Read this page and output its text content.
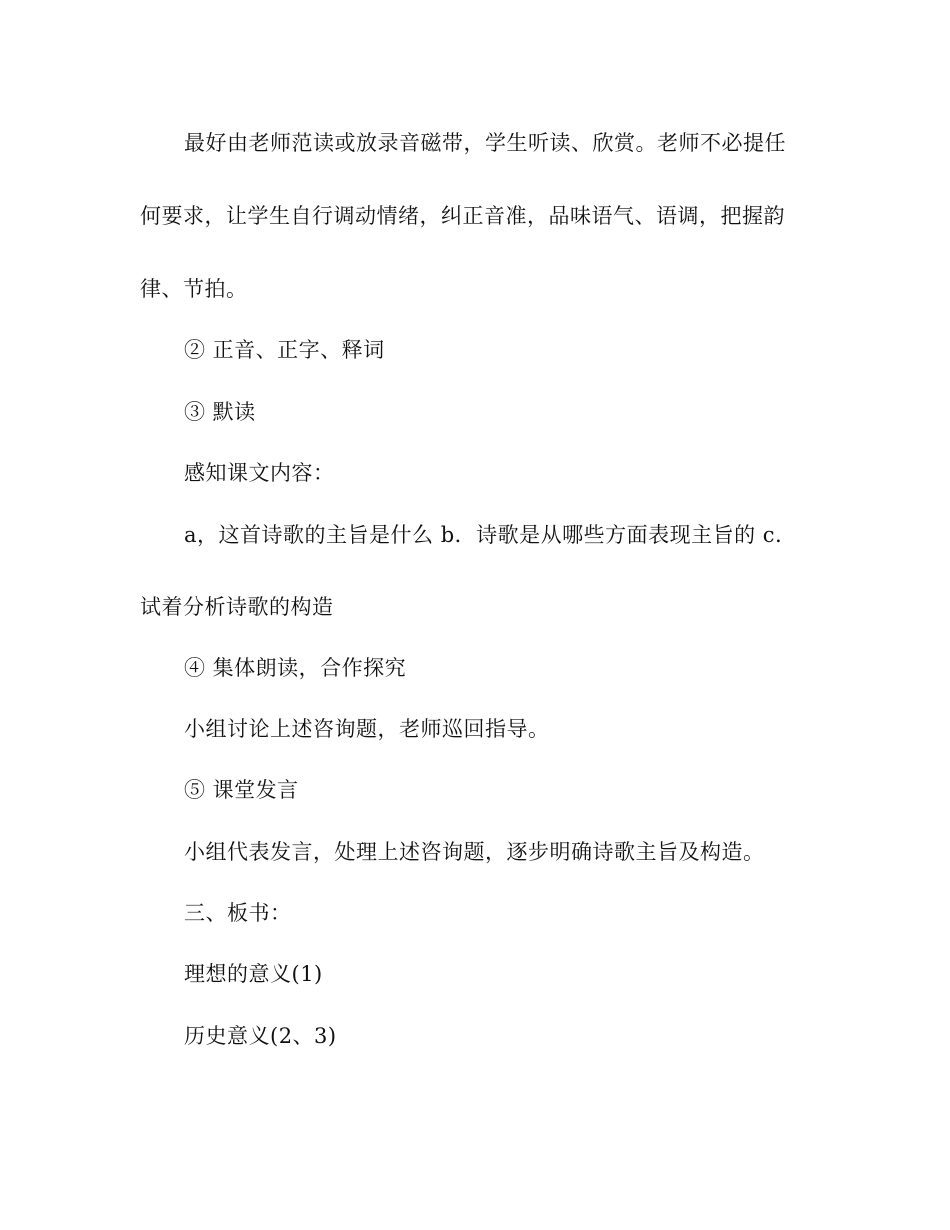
最好由老师范读或放录音磁带，学生听读、欣赏。老师不必提任
何要求，让学生自行调动情绪，纠正音准，品味语气、语调，把握韵
律、节拍。
② 正音、正字、释词
③ 默读
感知课文内容：
a，这首诗歌的主旨是什么 b．诗歌是从哪些方面表现主旨的 c．
试着分析诗歌的构造
④ 集体朗读，合作探究
小组讨论上述咨询题，老师巡回指导。
⑤ 课堂发言
小组代表发言，处理上述咨询题，逐步明确诗歌主旨及构造。
三、板书：
理想的意义(1)
历史意义(2、3)
